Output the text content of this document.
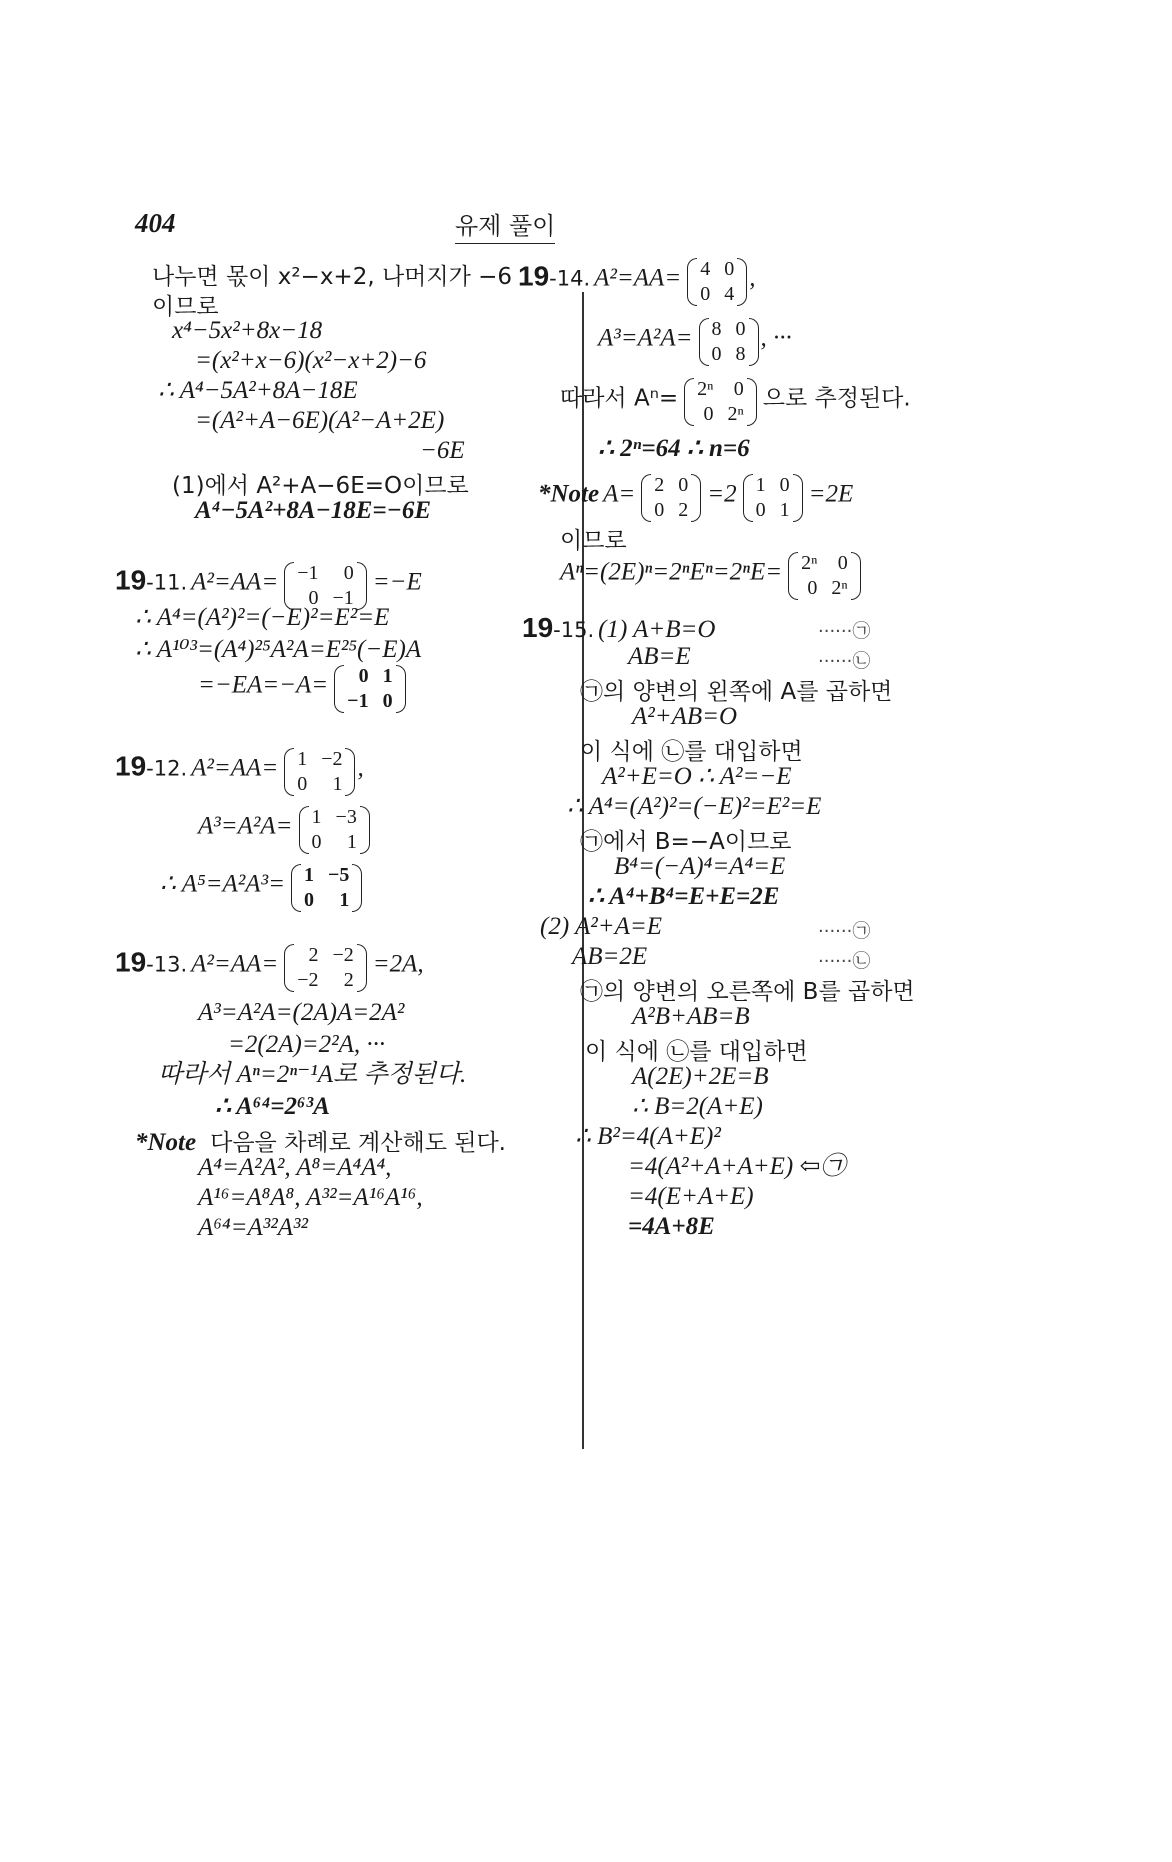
404	유제 풀이
나누면 몫이 x²−x+2, 나머지가 −6
이므로
x⁴−5x²+8x−18
=(x²+x−6)(x²−x+2)−6
∴ A⁴−5A²+8A−18E
=(A²+A−6E)(A²−A+2E)
−6E
(1)에서 A²+A−6E=O이므로
A⁴−5A²+8A−18E=−6E
19-11. A²=AA= −1	0
0 −1
=−E
∴ A⁴=(A²)²=(−E)²=E²=E
∴ A¹⁰³=(A⁴)²⁵A²A=E²⁵(−E)A
=−EA=−A=	0 1
−1 0
19-12. A²=AA= 1 −2
0	1
,
A³=A²A= 1 −3
0	1
∴ A⁵=A²A³= 1 −5
0	1
19-13. A²=AA=	2 −2
−2	2
=2A,
A³=A²A=(2A)A=2A²
=2(2A)=2²A, ···
따라서 Aⁿ=2ⁿ⁻¹A로 추정된다.
∴ A⁶⁴=2⁶³A
*Note 다음을 차례로 계산해도 된다.
A⁴=A²A², A⁸=A⁴A⁴,
A¹⁶=A⁸A⁸, A³²=A¹⁶A¹⁶,
A⁶⁴=A³²A³²
19-14. A²=AA= 4 0
0 4
,
A³=A²A= 8 0
0 8
, ···
따라서 Aⁿ= 2ⁿ	0
0 2ⁿ
으로 추정된다.
∴ 2ⁿ=64 ∴ n=6
*Note A= 2 0
0 2
=2 1 0
0 1
=2E
이므로
Aⁿ=(2E)ⁿ=2ⁿEⁿ=2ⁿE= 2ⁿ	0
0 2ⁿ
19-15. (1) A+B=O	······㉠
AB=E	······㉡
㉠의 양변의 왼쪽에 A를 곱하면
A²+AB=O
이 식에 ㉡를 대입하면
A²+E=O ∴ A²=−E
∴ A⁴=(A²)²=(−E)²=E²=E
㉠에서 B=−A이므로
B⁴=(−A)⁴=A⁴=E
∴ A⁴+B⁴=E+E=2E
(2) A²+A=E	······㉠
AB=2E	······㉡
㉠의 양변의 오른쪽에 B를 곱하면
A²B+AB=B
이 식에 ㉡를 대입하면
A(2E)+2E=B
∴ B=2(A+E)
∴ B²=4(A+E)²
=4(A²+A+A+E) ⇦㉠
=4(E+A+E)
=4A+8E
